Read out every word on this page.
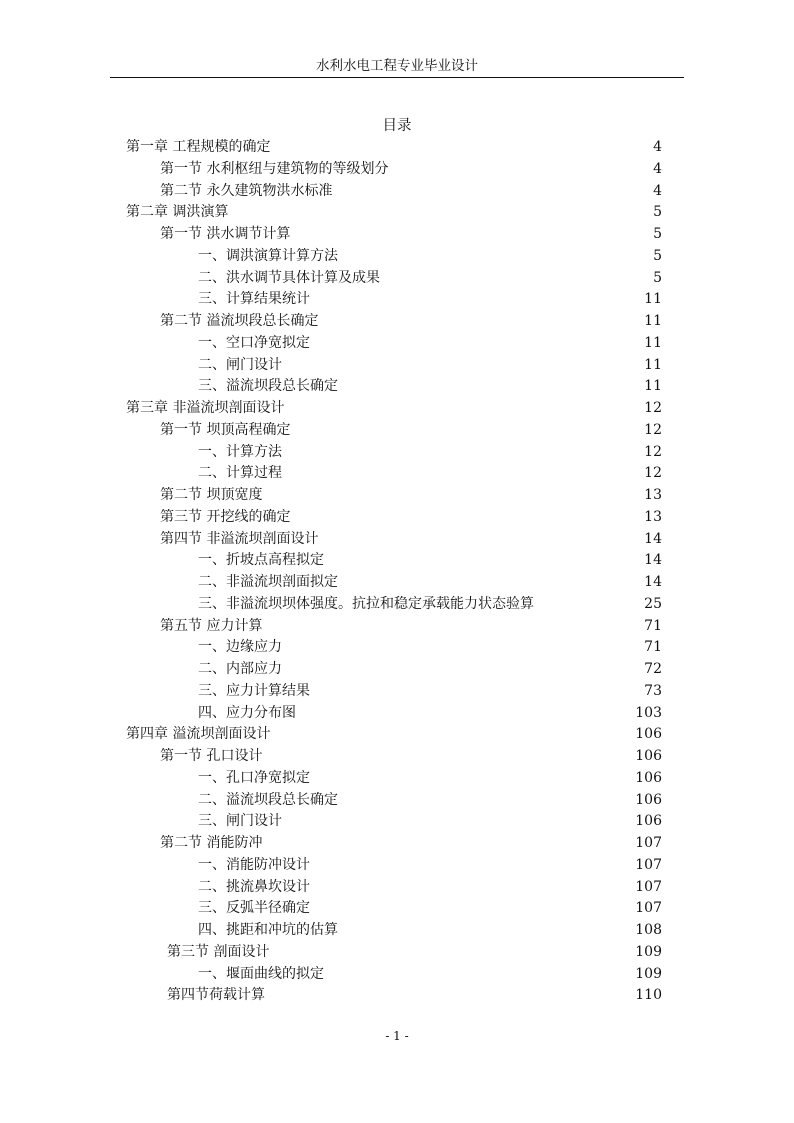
水利水电工程专业毕业设计
目录
第一章 工程规模的确定	4
第一节 水利枢纽与建筑物的等级划分	4
第二节 永久建筑物洪水标准	4
第二章 调洪演算	5
第一节 洪水调节计算	5
一、调洪演算计算方法	5
二、洪水调节具体计算及成果	5
三、计算结果统计	11
第二节 溢流坝段总长确定	11
一、空口净宽拟定	11
二、闸门设计	11
三、溢流坝段总长确定	11
第三章 非溢流坝剖面设计	12
第一节 坝顶高程确定	12
一、计算方法	12
二、计算过程	12
第二节 坝顶宽度	13
第三节 开挖线的确定	13
第四节 非溢流坝剖面设计	14
一、折坡点高程拟定	14
二、非溢流坝剖面拟定	14
三、非溢流坝坝体强度。抗拉和稳定承载能力状态验算	25
第五节 应力计算	71
一、边缘应力	71
二、内部应力	72
三、应力计算结果	73
四、应力分布图	103
第四章 溢流坝剖面设计	106
第一节 孔口设计	106
一、孔口净宽拟定	106
二、溢流坝段总长确定	106
三、闸门设计	106
第二节 消能防冲	107
一、消能防冲设计	107
二、挑流鼻坎设计	107
三、反弧半径确定	107
四、挑距和冲坑的估算	108
第三节 剖面设计	109
一、堰面曲线的拟定	109
第四节荷载计算	110
- 1 -
